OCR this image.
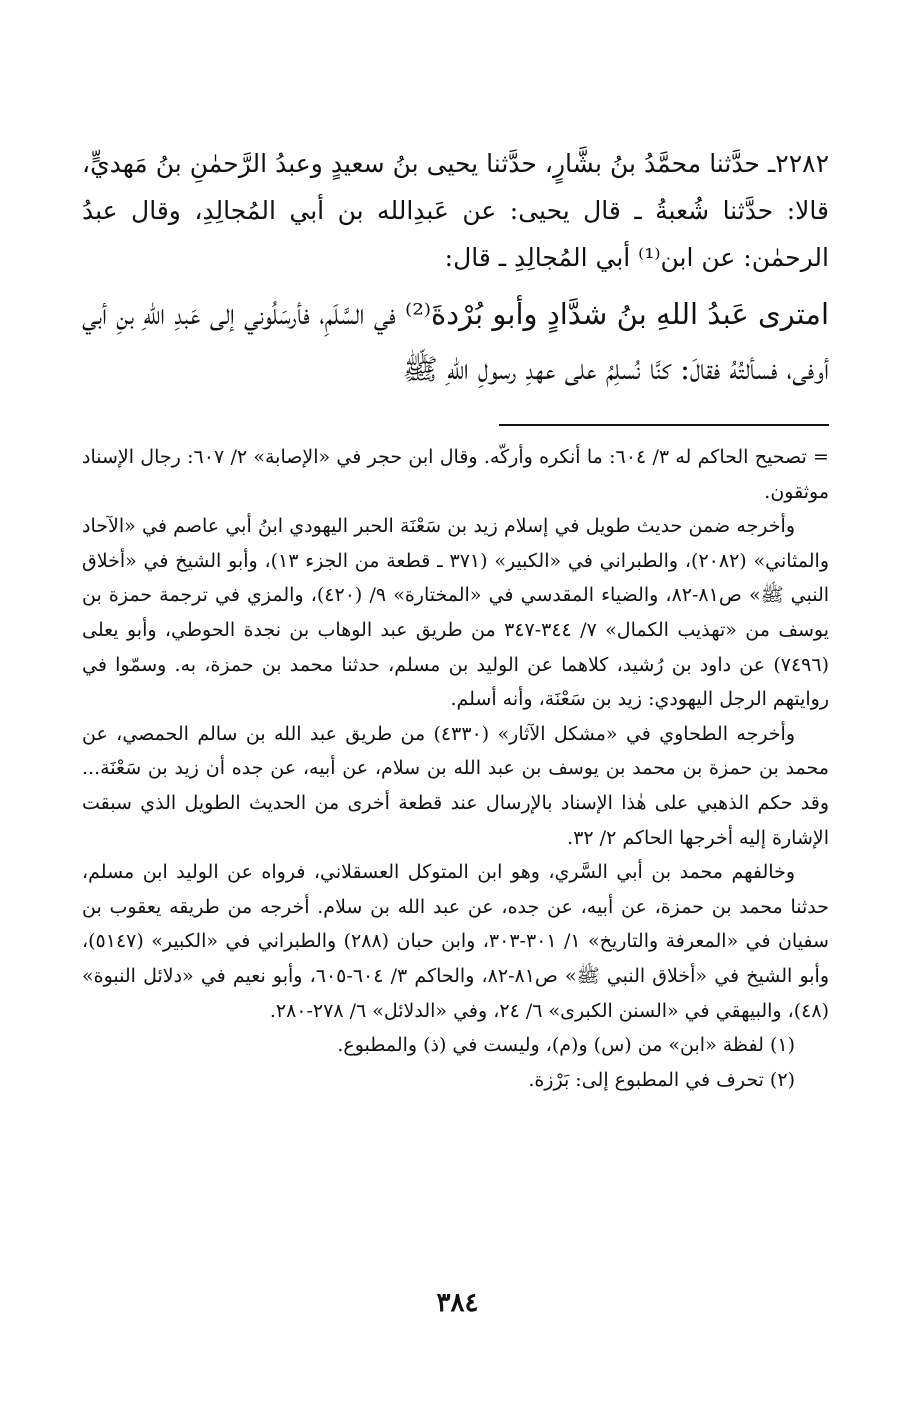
٢٢٨٢ـ حدَّثنا محمَّدُ بنُ بشَّارٍ، حدَّثنا يحيى بنُ سعيدٍ وعبدُ الرَّحمٰنِ بنُ مَهديٍّ، قالا: حدَّثنا شُعبةُ ـ قال يحيى: عن عَبدِالله بن أبي المُجالِدِ، وقال عبدُ الرحمٰن: عن ابن⁽¹⁾ أبي المُجالِدِ ـ قال:

امترى عَبدُ اللهِ بنُ شدَّادٍ وأبو بُرْدةَ⁽²⁾ في السَّلَمِ، فأرسَلُوني إلى عَبدِ اللهِ بنِ أبي أوفى، فسألتُهُ فقالَ: كنَّا نُسلِمُ على عهدِ رسولِ اللهِ ﷺ

= تصحيح الحاكم له ٣/ ٦٠٤: ما أنكره وأركّه. وقال ابن حجر في «الإصابة» ٢/ ٦٠٧: رجال الإسناد موثقون.

وأخرجه ضمن حديث طويل في إسلام زيد بن سَعْنَة الحبر اليهودي ابنُ أبي عاصم في «الآحاد والمثاني» (٢٠٨٢)، والطبراني في «الكبير» (٣٧١ ـ قطعة من الجزء ١٣)، وأبو الشيخ في «أخلاق النبي ﷺ» ص٨١-٨٢، والضياء المقدسي في «المختارة» ٩/ (٤٢٠)، والمزي في ترجمة حمزة بن يوسف من «تهذيب الكمال» ٧/ ٣٤٤-٣٤٧ من طريق عبد الوهاب بن نجدة الحوطي، وأبو يعلى (٧٤٩٦) عن داود بن رُشيد، كلاهما عن الوليد بن مسلم، حدثنا محمد بن حمزة، به. وسمّوا في روايتهم الرجل اليهودي: زيد بن سَعْنَة، وأنه أسلم.

وأخرجه الطحاوي في «مشكل الآثار» (٤٣٣٠) من طريق عبد الله بن سالم الحمصي، عن محمد بن حمزة بن محمد بن يوسف بن عبد الله بن سلام، عن أبيه، عن جده أن زيد بن سَعْنَة... وقد حكم الذهبي على هٰذا الإسناد بالإرسال عند قطعة أخرى من الحديث الطويل الذي سبقت الإشارة إليه أخرجها الحاكم ٢/ ٣٢.

وخالفهم محمد بن أبي السَّري، وهو ابن المتوكل العسقلاني، فرواه عن الوليد ابن مسلم، حدثنا محمد بن حمزة، عن أبيه، عن جده، عن عبد الله بن سلام. أخرجه من طريقه يعقوب بن سفيان في «المعرفة والتاريخ» ١/ ٣٠١-٣٠٣، وابن حبان (٢٨٨) والطبراني في «الكبير» (٥١٤٧)، وأبو الشيخ في «أخلاق النبي ﷺ» ص٨١-٨٢، والحاكم ٣/ ٦٠٤-٦٠٥، وأبو نعيم في «دلائل النبوة» (٤٨)، والبيهقي في «السنن الكبرى» ٦/ ٢٤، وفي «الدلائل» ٦/ ٢٧٨-٢٨٠.

(١) لفظة «ابن» من (س) و(م)، وليست في (ذ) والمطبوع.

(٢) تحرف في المطبوع إلى: بَرْزة.

٣٨٤
